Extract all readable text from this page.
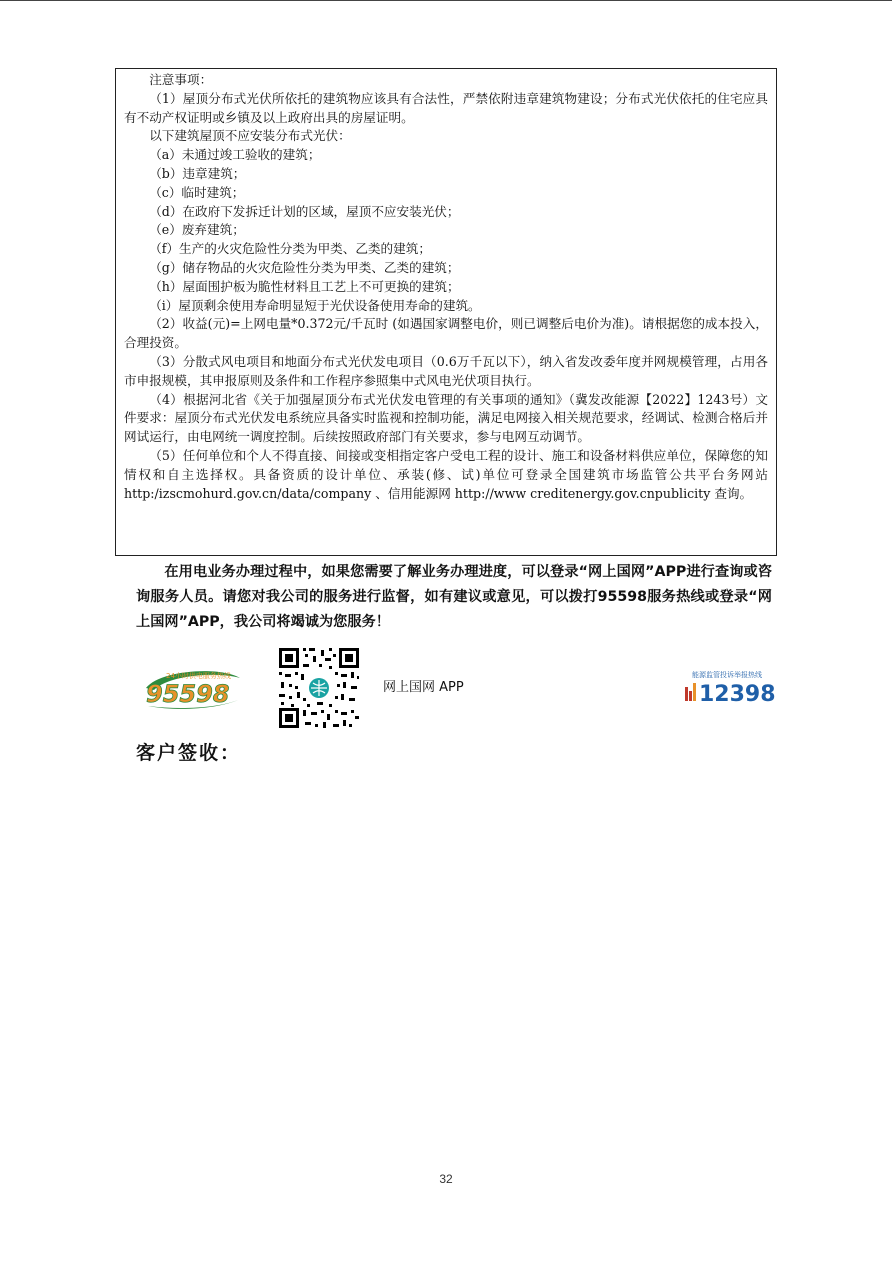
注意事项：

（1）屋顶分布式光伏所依托的建筑物应该具有合法性，严禁依附违章建筑物建设；分布式光伏依托的住宅应具有不动产权证明或乡镇及以上政府出具的房屋证明。

以下建筑屋顶不应安装分布式光伏：

（a）未通过竣工验收的建筑；

（b）违章建筑；

（c）临时建筑；

（d）在政府下发拆迁计划的区域，屋顶不应安装光伏；

（e）废弃建筑；

（f）生产的火灾危险性分类为甲类、乙类的建筑；

（g）储存物品的火灾危险性分类为甲类、乙类的建筑；

（h）屋面围护板为脆性材料且工艺上不可更换的建筑；

（i）屋顶剩余使用寿命明显短于光伏设备使用寿命的建筑。

（2）收益(元)=上网电量*0.372元/千瓦时 (如遇国家调整电价，则已调整后电价为准)。请根据您的成本投入，合理投资。

（3）分散式风电项目和地面分布式光伏发电项目（0.6万千瓦以下），纳入省发改委年度并网规模管理，占用各市申报规模，其申报原则及条件和工作程序参照集中式风电光伏项目执行。

（4）根据河北省《关于加强屋顶分布式光伏发电管理的有关事项的通知》（冀发改能源【2022】1243号）文件要求：屋顶分布式光伏发电系统应具备实时监视和控制功能，满足电网接入相关规范要求，经调试、检测合格后并网试运行，由电网统一调度控制。后续按照政府部门有关要求，参与电网互动调节。

（5）任何单位和个人不得直接、间接或变相指定客户受电工程的设计、施工和设备材料供应单位，保障您的知情权和自主选择权。具备资质的设计单位、承装(修、试)单位可登录全国建筑市场监管公共平台务网站 http:/izscmohurd.gov.cn/data/company 、信用能源网 http://www creditenergy.gov.cnpublicity 查询。

在用电业务办理过程中，如果您需要了解业务办理进度，可以登录“网上国网”APP进行查询或咨询服务人员。请您对我公司的服务进行监督，如有建议或意见，可以拨打95598服务热线或登录“网上国网”APP，我公司将竭诚为您服务！

24小时供电服务热线
95598	网上国网 APP
能源监管投诉举报热线
12398
客户签收：
32
